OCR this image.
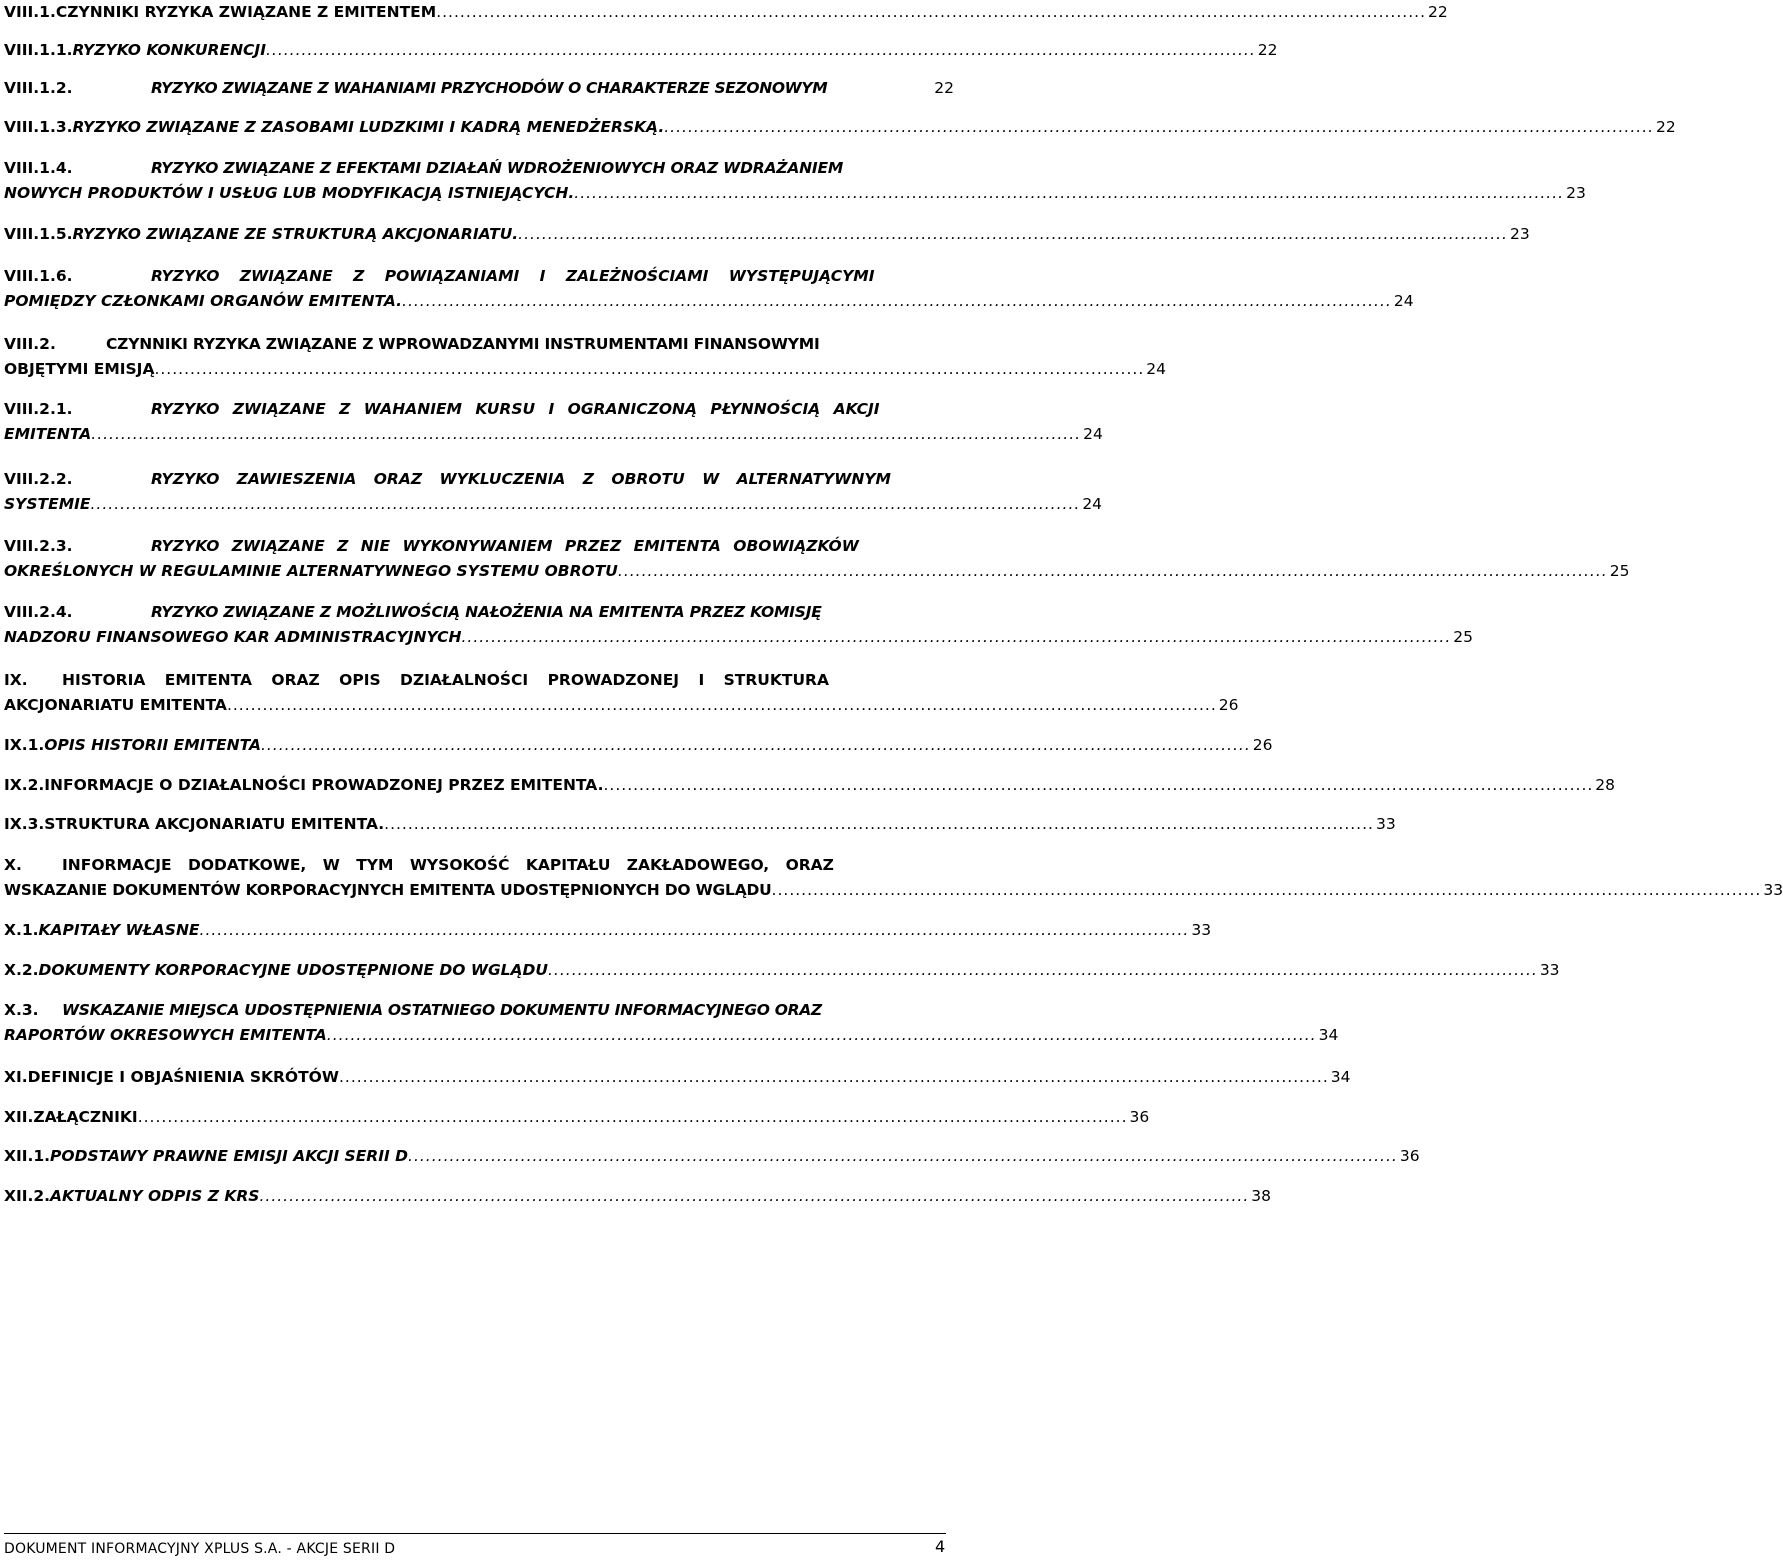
VIII.1. CZYNNIKI RYZYKA ZWIĄZANE Z EMITENTEM ....................................................................................................................................................................... 22
VIII.1.1. RYZYKO KONKURENCJI ....................................................................................................................................................................... 22
VIII.1.2.	RYZYKO ZWIĄZANE Z WAHANIAMI PRZYCHODÓW O CHARAKTERZE SEZONOWYM	22
VIII.1.3. RYZYKO ZWIĄZANE Z ZASOBAMI LUDZKIMI I KADRĄ MENEDŻERSKĄ. ....................................................................................................................................................................... 22
VIII.1.4.	RYZYKO ZWIĄZANE Z EFEKTAMI DZIAŁAŃ WDROŻENIOWYCH ORAZ WDRAŻANIEM
NOWYCH PRODUKTÓW I USŁUG LUB MODYFIKACJĄ ISTNIEJĄCYCH. ....................................................................................................................................................................... 23
VIII.1.5. RYZYKO ZWIĄZANE ZE STRUKTURĄ AKCJONARIATU. ....................................................................................................................................................................... 23
VIII.1.6.	RYZYKO ZWIĄZANE Z POWIĄZANIAMI I ZALEŻNOŚCIAMI WYSTĘPUJĄCYMI
POMIĘDZY CZŁONKAMI ORGANÓW EMITENTA. ....................................................................................................................................................................... 24
VIII.2.	CZYNNIKI RYZYKA ZWIĄZANE Z WPROWADZANYMI INSTRUMENTAMI FINANSOWYMI
OBJĘTYMI EMISJĄ ....................................................................................................................................................................... 24
VIII.2.1.	RYZYKO ZWIĄZANE Z WAHANIEM KURSU I OGRANICZONĄ PŁYNNOŚCIĄ AKCJI
EMITENTA ....................................................................................................................................................................... 24
VIII.2.2.	RYZYKO ZAWIESZENIA ORAZ WYKLUCZENIA Z OBROTU W ALTERNATYWNYM
SYSTEMIE ....................................................................................................................................................................... 24
VIII.2.3.	RYZYKO ZWIĄZANE Z NIE WYKONYWANIEM PRZEZ EMITENTA OBOWIĄZKÓW
OKREŚLONYCH W REGULAMINIE ALTERNATYWNEGO SYSTEMU OBROTU ....................................................................................................................................................................... 25
VIII.2.4.	RYZYKO ZWIĄZANE Z MOŻLIWOŚCIĄ NAŁOŻENIA NA EMITENTA PRZEZ KOMISJĘ
NADZORU FINANSOWEGO KAR ADMINISTRACYJNYCH ....................................................................................................................................................................... 25
IX.	HISTORIA EMITENTA ORAZ OPIS DZIAŁALNOŚCI PROWADZONEJ I STRUKTURA
AKCJONARIATU EMITENTA ....................................................................................................................................................................... 26
IX.1. OPIS HISTORII EMITENTA ....................................................................................................................................................................... 26
IX.2. INFORMACJE O DZIAŁALNOŚCI PROWADZONEJ PRZEZ EMITENTA. ....................................................................................................................................................................... 28
IX.3. STRUKTURA AKCJONARIATU EMITENTA. ....................................................................................................................................................................... 33
X.	INFORMACJE DODATKOWE, W TYM WYSOKOŚĆ KAPITAŁU ZAKŁADOWEGO, ORAZ
WSKAZANIE DOKUMENTÓW KORPORACYJNYCH EMITENTA UDOSTĘPNIONYCH DO WGLĄDU ....................................................................................................................................................................... 33
X.1. KAPITAŁY WŁASNE ....................................................................................................................................................................... 33
X.2. DOKUMENTY KORPORACYJNE UDOSTĘPNIONE DO WGLĄDU ....................................................................................................................................................................... 33
X.3.	WSKAZANIE MIEJSCA UDOSTĘPNIENIA OSTATNIEGO DOKUMENTU INFORMACYJNEGO ORAZ
RAPORTÓW OKRESOWYCH EMITENTA ....................................................................................................................................................................... 34
XI. DEFINICJE I OBJAŚNIENIA SKRÓTÓW ....................................................................................................................................................................... 34
XII. ZAŁĄCZNIKI ....................................................................................................................................................................... 36
XII.1. PODSTAWY PRAWNE EMISJI AKCJI SERII D ....................................................................................................................................................................... 36
XII.2. AKTUALNY ODPIS Z KRS ....................................................................................................................................................................... 38
DOKUMENT INFORMACYJNY XPLUS S.A. - AKCJE SERII D	4
